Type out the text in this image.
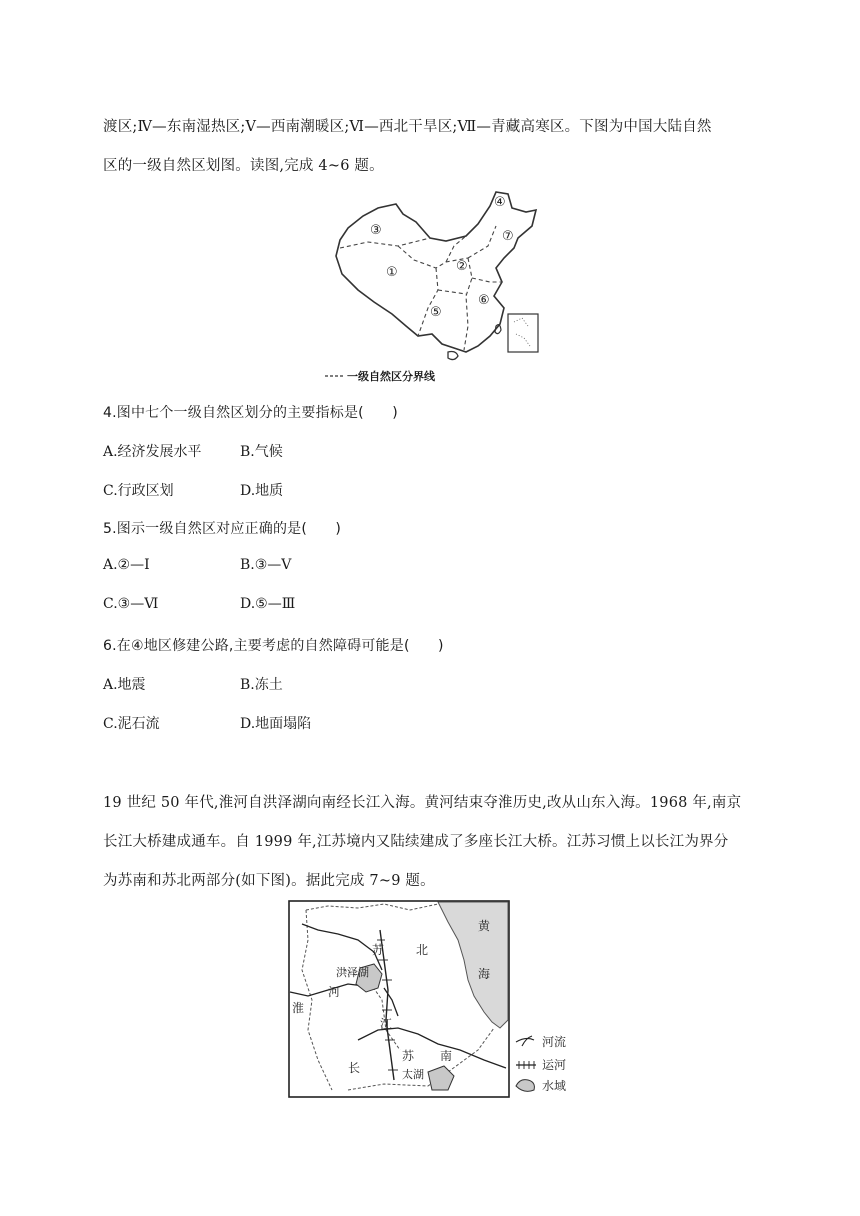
渡区;Ⅳ—东南湿热区;Ⅴ—西南潮暖区;Ⅵ—西北干旱区;Ⅶ—青藏高寒区。下图为中国大陆自然
区的一级自然区划图。读图,完成 4~6 题。
③
①	②
④
⑦
⑤
⑥
一级自然区分界线
4.图中七个一级自然区划分的主要指标是(　　)
A.经济发展水平	B.气候
C.行政区划	D.地质
5.图示一级自然区对应正确的是(　　)
A.②—Ⅰ	B.③—Ⅴ
C.③—Ⅵ	D.⑤—Ⅲ
6.在④地区修建公路,主要考虑的自然障碍可能是(　　)
A.地震	B.冻土
C.泥石流	D.地面塌陷
19 世纪 50 年代,淮河自洪泽湖向南经长江入海。黄河结束夺淮历史,改从山东入海。1968 年,南京
长江大桥建成通车。自 1999 年,江苏境内又陆续建成了多座长江大桥。江苏习惯上以长江为界分
为苏南和苏北两部分(如下图)。据此完成 7~9 题。
黄
海
苏	北
洪泽湖
河
淮
江
长
苏 南
太湖
河流
运河
水域
